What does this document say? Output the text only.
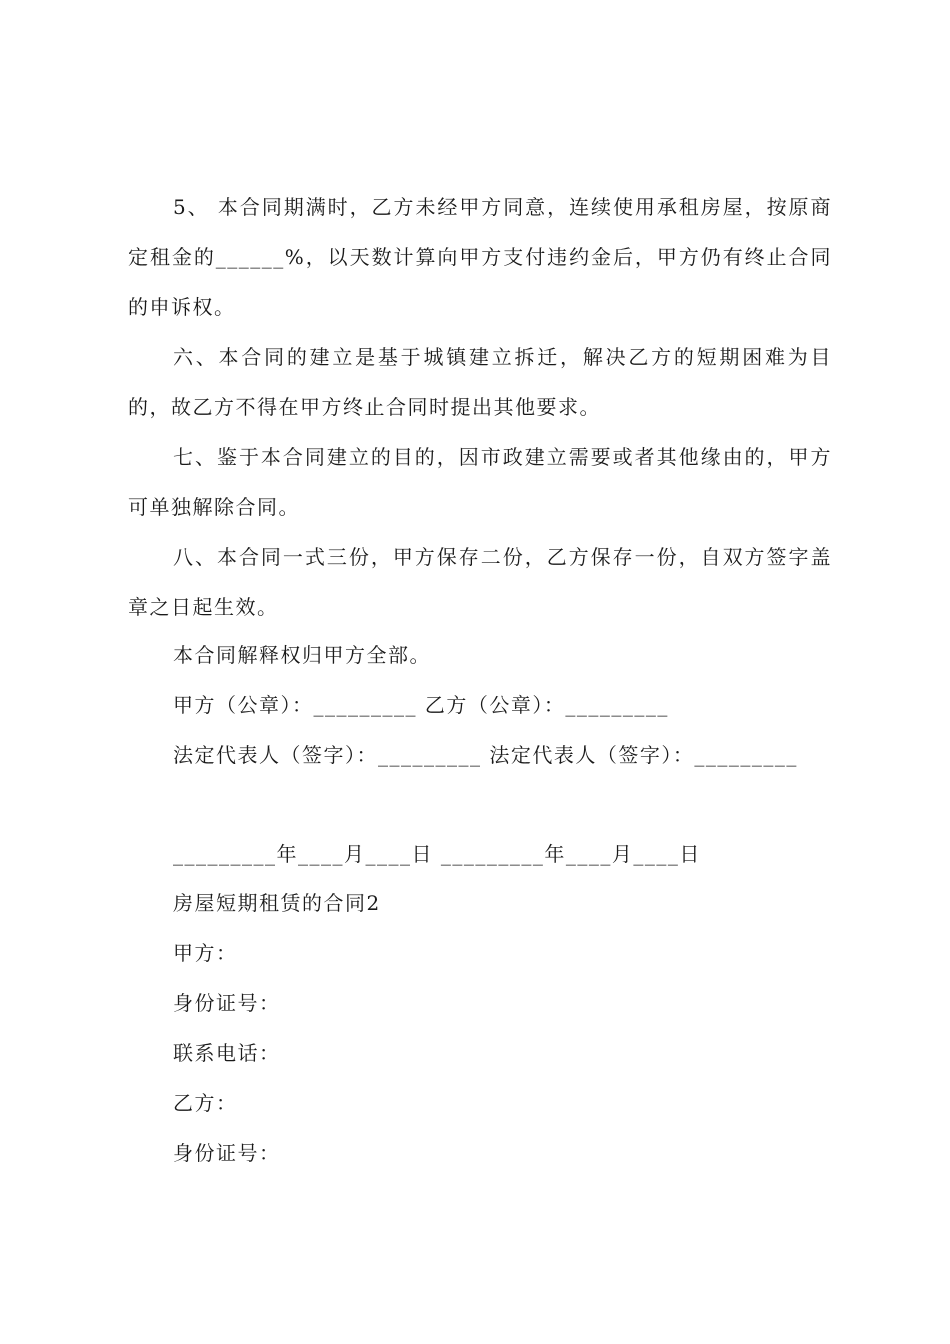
5、 本合同期满时，乙方未经甲方同意，连续使用承租房屋，按原商定租金的______%，以天数计算向甲方支付违约金后，甲方仍有终止合同的申诉权。
六、本合同的建立是基于城镇建立拆迁，解决乙方的短期困难为目的，故乙方不得在甲方终止合同时提出其他要求。
七、鉴于本合同建立的目的，因市政建立需要或者其他缘由的，甲方可单独解除合同。
八、本合同一式三份，甲方保存二份，乙方保存一份，自双方签字盖章之日起生效。
本合同解释权归甲方全部。
甲方（公章）：_________ 乙方（公章）：_________
法定代表人（签字）：_________ 法定代表人（签字）：_________
_________年____月____日 _________年____月____日
房屋短期租赁的合同2
甲方：
身份证号：
联系电话：
乙方：
身份证号：
